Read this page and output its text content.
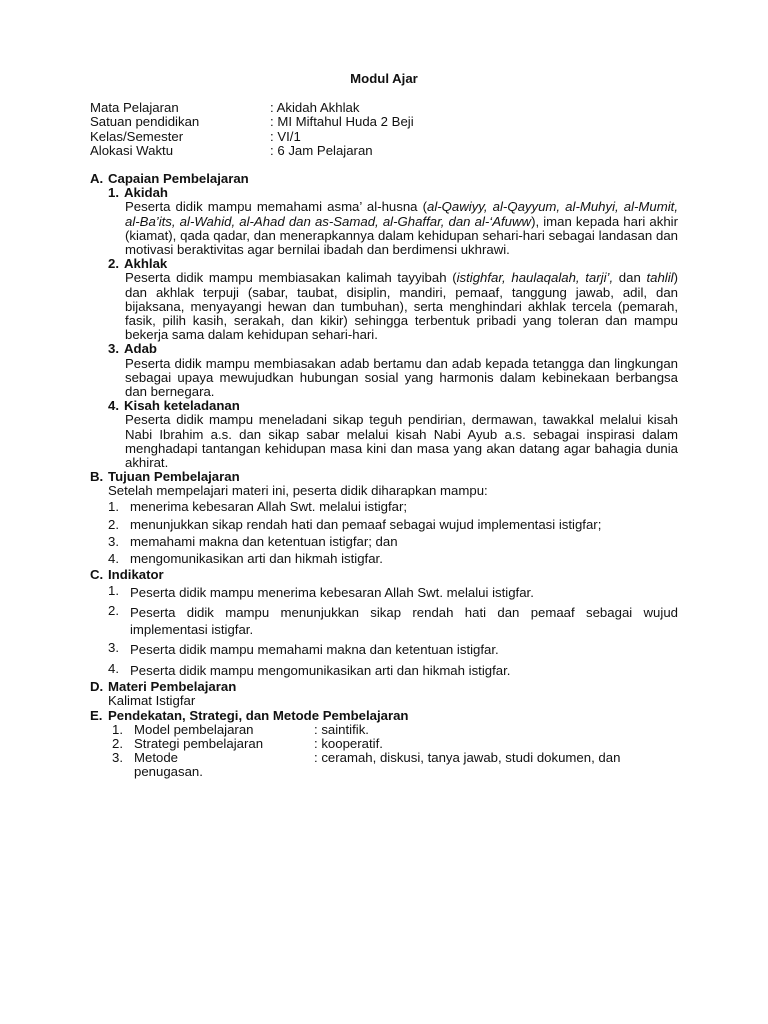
Modul Ajar
Mata Pelajaran	: Akidah Akhlak
Satuan pendidikan	: MI Miftahul Huda 2 Beji
Kelas/Semester	: VI/1
Alokasi Waktu	: 6 Jam Pelajaran
A. Capaian Pembelajaran
1. Akidah
Peserta didik mampu memahami asma’ al-husna (al-Qawiyy, al-Qayyum, al-Muhyi, al-Mumit, al-Ba’its, al-Wahid, al-Ahad dan as-Samad, al-Ghaffar, dan al-‘Afuww), iman kepada hari akhir (kiamat), qada qadar, dan menerapkannya dalam kehidupan sehari-hari sebagai landasan dan motivasi beraktivitas agar bernilai ibadah dan berdimensi ukhrawi.
2. Akhlak
Peserta didik mampu membiasakan kalimah tayyibah (istighfar, haulaqalah, tarji’, dan tahlil) dan akhlak terpuji (sabar, taubat, disiplin, mandiri, pemaaf, tanggung jawab, adil, dan bijaksana, menyayangi hewan dan tumbuhan), serta menghindari akhlak tercela (pemarah, fasik, pilih kasih, serakah, dan kikir) sehingga terbentuk pribadi yang toleran dan mampu bekerja sama dalam kehidupan sehari-hari.
3. Adab
Peserta didik mampu membiasakan adab bertamu dan adab kepada tetangga dan lingkungan sebagai upaya mewujudkan hubungan sosial yang harmonis dalam kebinekaan berbangsa dan bernegara.
4. Kisah keteladanan
Peserta didik mampu meneladani sikap teguh pendirian, dermawan, tawakkal melalui kisah Nabi Ibrahim a.s. dan sikap sabar melalui kisah Nabi Ayub a.s. sebagai inspirasi dalam menghadapi tantangan kehidupan masa kini dan masa yang akan datang agar bahagia dunia akhirat.
B. Tujuan Pembelajaran
Setelah mempelajari materi ini, peserta didik diharapkan mampu:
1. menerima kebesaran Allah Swt. melalui istigfar;
2. menunjukkan sikap rendah hati dan pemaaf sebagai wujud implementasi istigfar;
3. memahami makna dan ketentuan istigfar; dan
4. mengomunikasikan arti dan hikmah istigfar.
C. Indikator
1. Peserta didik mampu menerima kebesaran Allah Swt. melalui istigfar.
2. Peserta didik mampu menunjukkan sikap rendah hati dan pemaaf sebagai wujud implementasi istigfar.
3. Peserta didik mampu memahami makna dan ketentuan istigfar.
4. Peserta didik mampu mengomunikasikan arti dan hikmah istigfar.
D. Materi Pembelajaran
Kalimat Istigfar
E. Pendekatan, Strategi, dan Metode Pembelajaran
1. Model pembelajaran	: saintifik.
2. Strategi pembelajaran	: kooperatif.
3. Metode	: ceramah, diskusi, tanya jawab, studi dokumen, dan
penugasan.
